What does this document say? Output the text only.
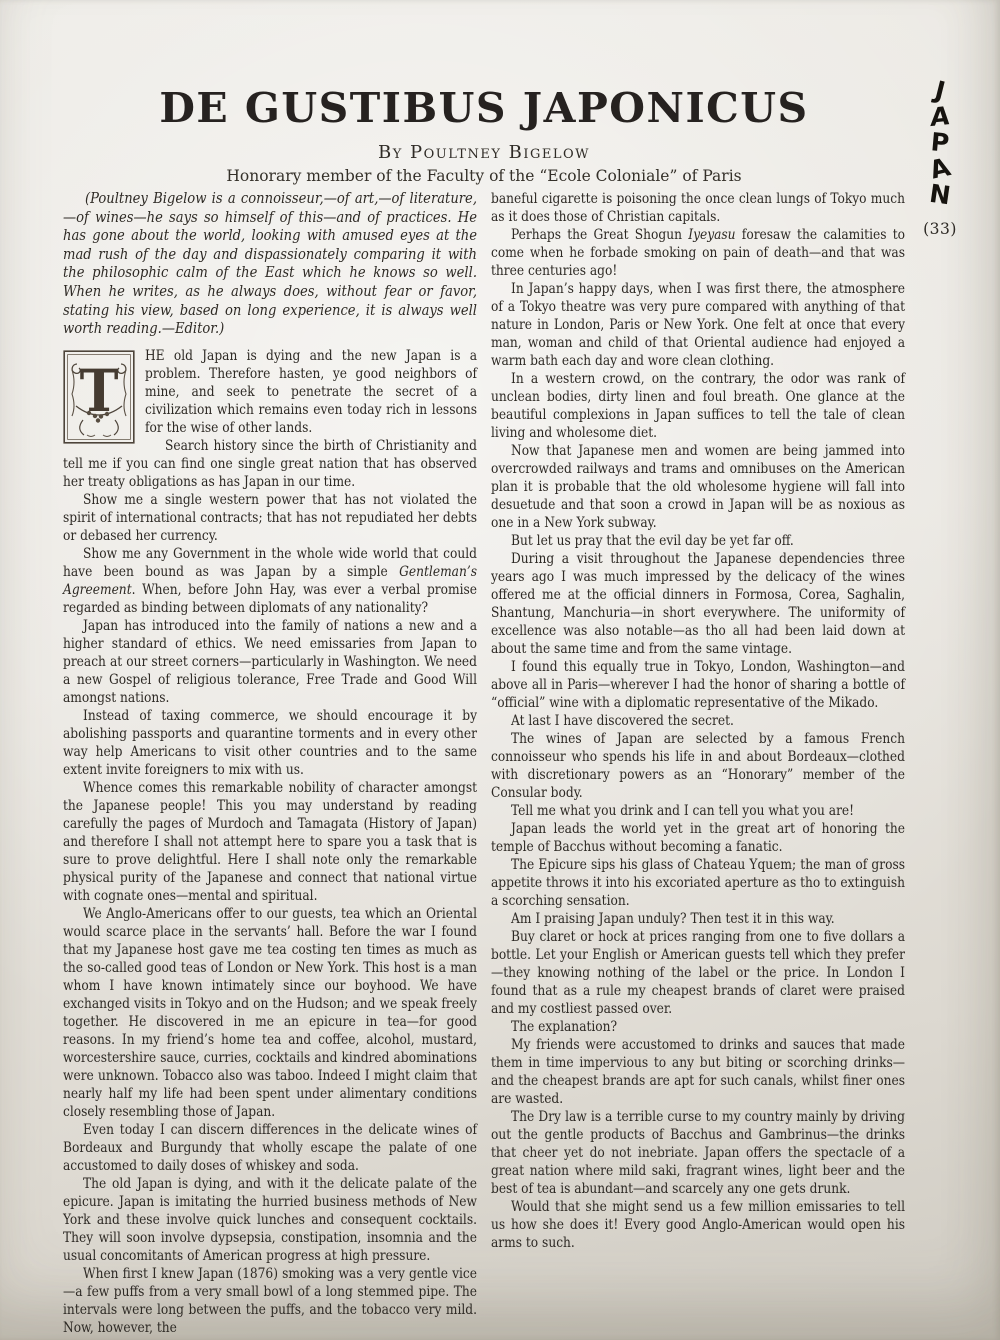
DE GUSTIBUS JAPONICUS
By Poultney Bigelow
Honorary member of the Faculty of the “Ecole Coloniale” of Paris
(Poultney Bigelow is a connoisseur,—of art,—of literature,—of wines—he says so himself of this—and of practices. He has gone about the world, looking with amused eyes at the mad rush of the day and dispassionately comparing it with the philosophic calm of the East which he knows so well. When he writes, as he always does, without fear or favor, stating his view, based on long experience, it is always well worth reading.—Editor.)
T

HE old Japan is dying and the new Japan is a problem. Therefore hasten, ye good neighbors of mine, and seek to penetrate the secret of a civilization which remains even today rich in lessons for the wise of other lands.

Search history since the birth of Christianity and tell me if you can find one single great nation that has observed her treaty obligations as has Japan in our time.

Show me a single western power that has not violated the spirit of international contracts; that has not repudiated her debts or debased her currency.

Show me any Government in the whole wide world that could have been bound as was Japan by a simple Gentleman’s Agreement. When, before John Hay, was ever a verbal promise regarded as binding between diplomats of any nationality?

Japan has introduced into the family of nations a new and a higher standard of ethics. We need emissaries from Japan to preach at our street corners—particularly in Washington. We need a new Gospel of religious tolerance, Free Trade and Good Will amongst nations.

Instead of taxing commerce, we should encourage it by abolishing passports and quarantine torments and in every other way help Americans to visit other countries and to the same extent invite foreigners to mix with us.

Whence comes this remarkable nobility of character amongst the Japanese people! This you may understand by reading carefully the pages of Murdoch and Tamagata (History of Japan) and therefore I shall not attempt here to spare you a task that is sure to prove delightful. Here I shall note only the remarkable physical purity of the Japanese and connect that national virtue with cognate ones—mental and spiritual.

We Anglo-Americans offer to our guests, tea which an Oriental would scarce place in the servants’ hall. Before the war I found that my Japanese host gave me tea costing ten times as much as the so-called good teas of London or New York. This host is a man whom I have known intimately since our boyhood. We have exchanged visits in Tokyo and on the Hudson; and we speak freely together. He discovered in me an epicure in tea—for good reasons. In my friend’s home tea and coffee, alcohol, mustard, worcestershire sauce, curries, cocktails and kindred abominations were unknown. Tobacco also was taboo. Indeed I might claim that nearly half my life had been spent under alimentary conditions closely resembling those of Japan.

Even today I can discern differences in the delicate wines of Bordeaux and Burgundy that wholly escape the palate of one accustomed to daily doses of whiskey and soda.

The old Japan is dying, and with it the delicate palate of the epicure. Japan is imitating the hurried business methods of New York and these involve quick lunches and consequent cocktails. They will soon involve dypsepsia, constipation, insomnia and the usual concomitants of American progress at high pressure.

When first I knew Japan (1876) smoking was a very gentle vice—a few puffs from a very small bowl of a long stemmed pipe. The intervals were long between the puffs, and the tobacco very mild. Now, however, the

baneful cigarette is poisoning the once clean lungs of Tokyo much as it does those of Christian capitals.

Perhaps the Great Shogun Iyeyasu foresaw the calamities to come when he forbade smoking on pain of death—and that was three centuries ago!

In Japan’s happy days, when I was first there, the atmosphere of a Tokyo theatre was very pure compared with anything of that nature in London, Paris or New York. One felt at once that every man, woman and child of that Oriental audience had enjoyed a warm bath each day and wore clean clothing.

In a western crowd, on the contrary, the odor was rank of unclean bodies, dirty linen and foul breath. One glance at the beautiful complexions in Japan suffices to tell the tale of clean living and wholesome diet.

Now that Japanese men and women are being jammed into overcrowded railways and trams and omnibuses on the American plan it is probable that the old wholesome hygiene will fall into desuetude and that soon a crowd in Japan will be as noxious as one in a New York subway.

But let us pray that the evil day be yet far off.

During a visit throughout the Japanese dependencies three years ago I was much impressed by the delicacy of the wines offered me at the official dinners in Formosa, Corea, Saghalin, Shantung, Manchuria—in short everywhere. The uniformity of excellence was also notable—as tho all had been laid down at about the same time and from the same vintage.

I found this equally true in Tokyo, London, Washington—and above all in Paris—wherever I had the honor of sharing a bottle of “official” wine with a diplomatic representative of the Mikado.

At last I have discovered the secret.

The wines of Japan are selected by a famous French connoisseur who spends his life in and about Bordeaux—clothed with discretionary powers as an “Honorary” member of the Consular body.

Tell me what you drink and I can tell you what you are!

Japan leads the world yet in the great art of honoring the temple of Bacchus without becoming a fanatic.

The Epicure sips his glass of Chateau Yquem; the man of gross appetite throws it into his excoriated aperture as tho to extinguish a scorching sensation.

Am I praising Japan unduly? Then test it in this way.

Buy claret or hock at prices ranging from one to five dollars a bottle. Let your English or American guests tell which they prefer—they knowing nothing of the label or the price. In London I found that as a rule my cheapest brands of claret were praised and my costliest passed over.

The explanation?

My friends were accustomed to drinks and sauces that made them in time impervious to any but biting or scorching drinks—and the cheapest brands are apt for such canals, whilst finer ones are wasted.

The Dry law is a terrible curse to my country mainly by driving out the gentle products of Bacchus and Gambrinus—the drinks that cheer yet do not inebriate. Japan offers the spectacle of a great nation where mild saki, fragrant wines, light beer and the best of tea is abundant—and scarcely any one gets drunk.

Would that she might send us a few million emissaries to tell us how she does it! Every good Anglo-American would open his arms to such.

J
A
P
A
N
(33)
